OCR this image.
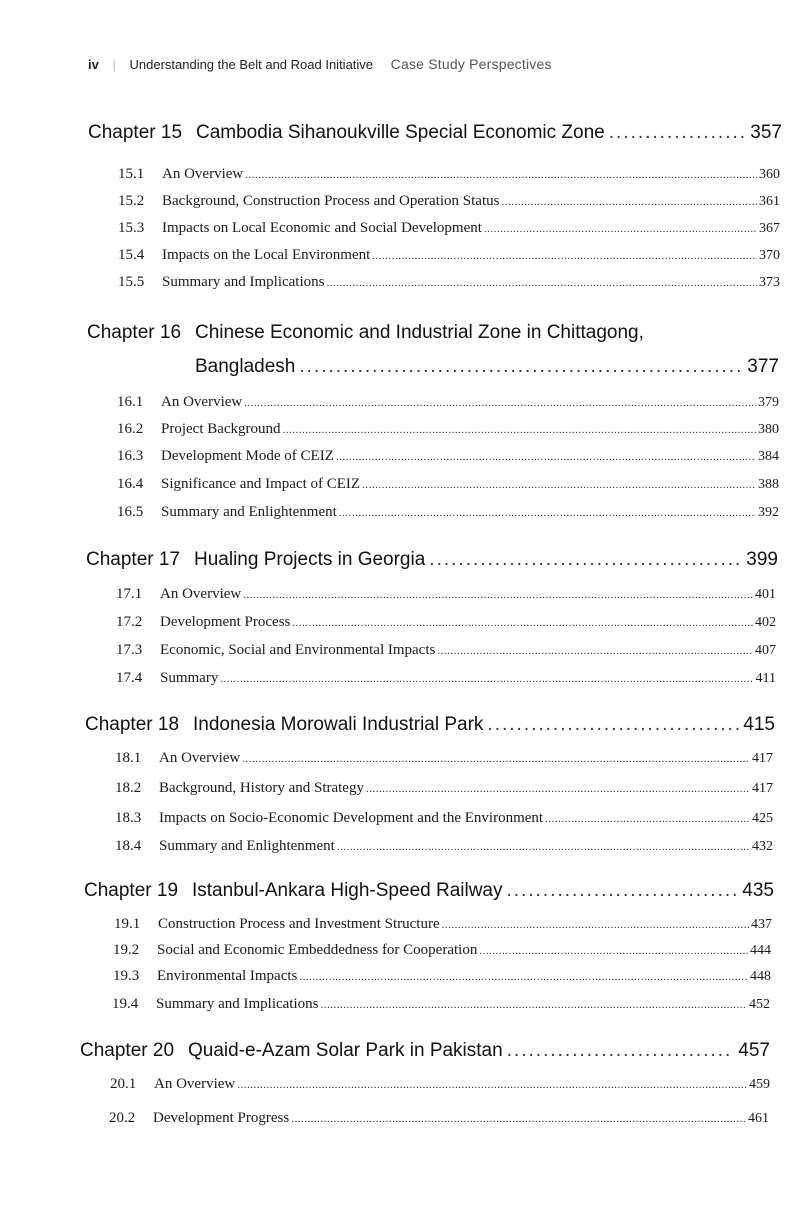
iv | Understanding the Belt and Road Initiative Case Study Perspectives
Chapter 15 Cambodia Sihanoukville Special Economic Zone .....	357
15.1	An Overview .....	360
15.2	Background, Construction Process and Operation Status .....	361
15.3	Impacts on Local Economic and Social Development .....	367
15.4	Impacts on the Local Environment .....	370
15.5	Summary and Implications .....	373
Chapter 16 Chinese Economic and Industrial Zone in Chittagong,
Bangladesh .....	377
16.1	An Overview .....	379
16.2	Project Background .....	380
16.3	Development Mode of CEIZ .....	384
16.4	Significance and Impact of CEIZ .....	388
16.5	Summary and Enlightenment .....	392
Chapter 17 Hualing Projects in Georgia .....	399
17.1	An Overview .....	401
17.2	Development Process .....	402
17.3	Economic, Social and Environmental Impacts .....	407
17.4	Summary .....	411
Chapter 18 Indonesia Morowali Industrial Park .....	415
18.1	An Overview .....	417
18.2	Background, History and Strategy .....	417
18.3	Impacts on Socio-Economic Development and the Environment .....	425
18.4	Summary and Enlightenment .....	432
Chapter 19 Istanbul-Ankara High-Speed Railway .....	435
19.1	Construction Process and Investment Structure .....	437
19.2	Social and Economic Embeddedness for Cooperation .....	444
19.3	Environmental Impacts .....	448
19.4	Summary and Implications .....	452
Chapter 20 Quaid-e-Azam Solar Park in Pakistan .....	457
20.1	An Overview .....	459
20.2	Development Progress .....	461
